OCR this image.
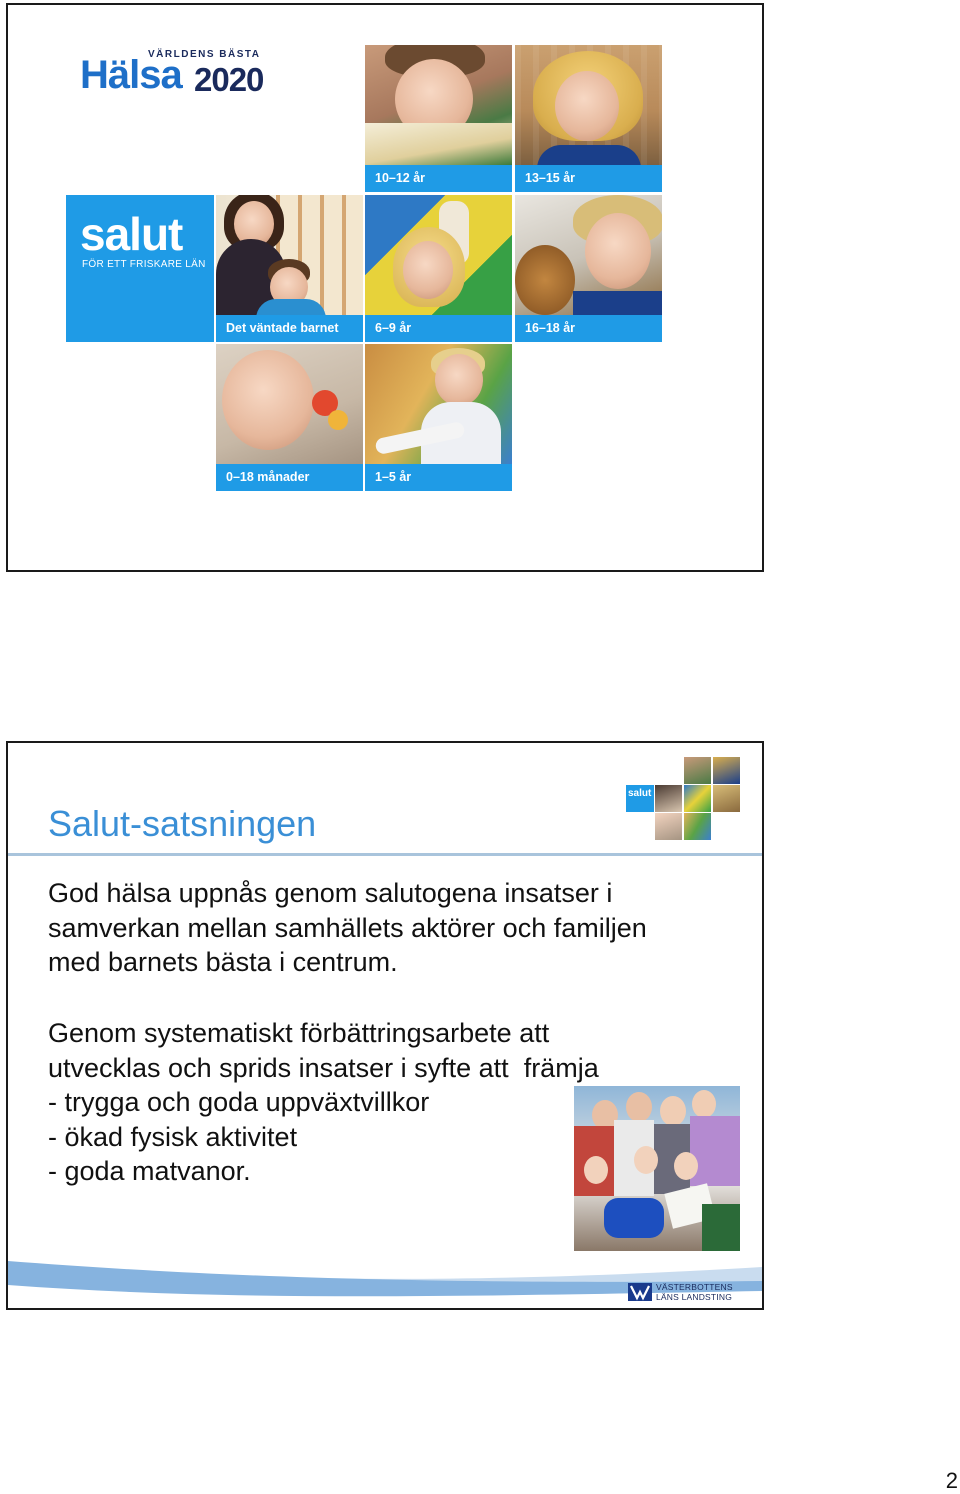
VÄRLDENS BÄSTA
Hälsa 2020
10–12 år	13–15 år
salut
FÖR ETT FRISKARE LÄN
Det väntade barnet	6–9 år	16–18 år
0–18 månader	1–5 år
Salut-satsningen
salut

God hälsa uppnås genom salutogena insatser i

samverkan mellan samhällets aktörer och familjen

med barnets bästa i centrum.

Genom systematiskt förbättringsarbete att

utvecklas och sprids insatser i syfte att  främja

- trygga och goda uppväxtvillkor

- ökad fysisk aktivitet

- goda matvanor.

VÄSTERBOTTENS
LÄNS LANDSTING
2
